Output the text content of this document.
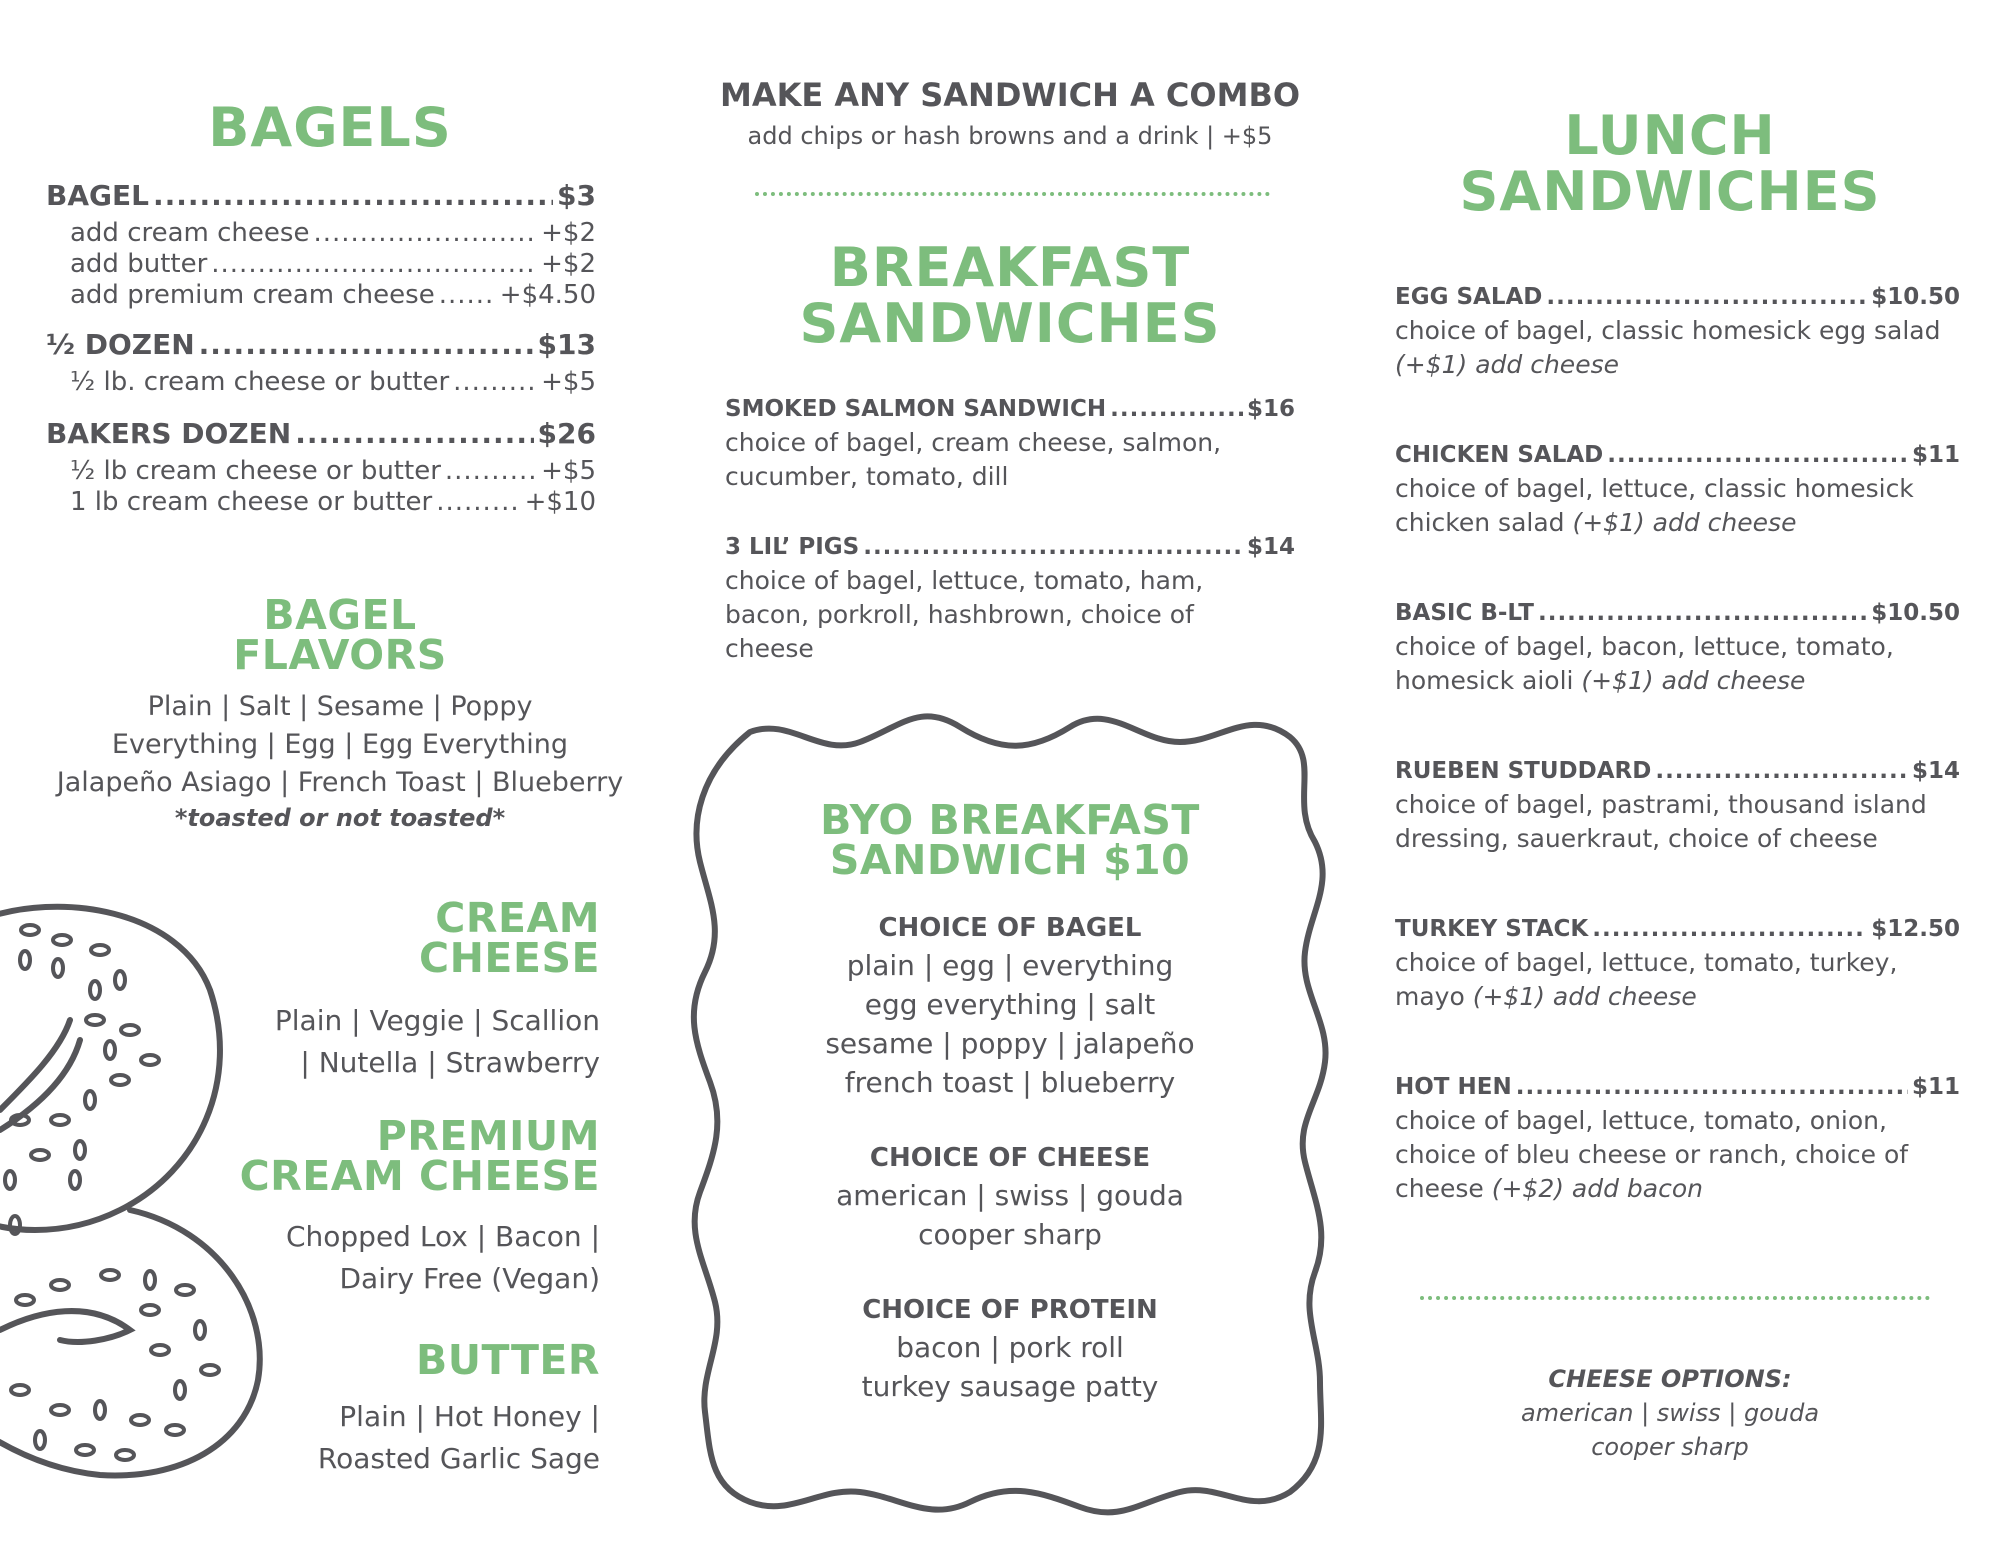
BAGELS
BAGEL .....	$3
add cream cheese .....	+$2
add butter .....	+$2
add premium cream cheese .....	+$4.50
½ DOZEN .....	$13
½ lb. cream cheese or butter .....	+$5
BAKERS DOZEN .....	$26
½ lb cream cheese or butter .....	+$5
1 lb cream cheese or butter .....	+$10
BAGEL
FLAVORS
Plain | Salt | Sesame | Poppy
Everything | Egg | Egg Everything
Jalapeño Asiago | French Toast | Blueberry
*toasted or not toasted*
CREAM
CHEESE
Plain | Veggie | Scallion
| Nutella | Strawberry
PREMIUM
CREAM CHEESE
Chopped Lox | Bacon |
Dairy Free (Vegan)
BUTTER
Plain | Hot Honey |
Roasted Garlic Sage
MAKE ANY SANDWICH A COMBO
add chips or hash browns and a drink | +$5
BREAKFAST
SANDWICHES
SMOKED SALMON SANDWICH .....	$16
choice of bagel, cream cheese, salmon,
cucumber, tomato, dill
3 LIL’ PIGS .....	$14
choice of bagel, lettuce, tomato, ham,
bacon, porkroll, hashbrown, choice of
cheese
BYO BREAKFAST
SANDWICH $10
CHOICE OF BAGEL
plain | egg | everything
egg everything | salt
sesame | poppy | jalapeño
french toast | blueberry
CHOICE OF CHEESE
american | swiss | gouda
cooper sharp
CHOICE OF PROTEIN
bacon | pork roll
turkey sausage patty
LUNCH
SANDWICHES
EGG SALAD .....	$10.50
choice of bagel, classic homesick egg salad
(+$1) add cheese
CHICKEN SALAD .....	$11
choice of bagel, lettuce, classic homesick
chicken salad (+$1) add cheese
BASIC B-LT .....	$10.50
choice of bagel, bacon, lettuce, tomato,
homesick aioli (+$1) add cheese
RUEBEN STUDDARD .....	$14
choice of bagel, pastrami, thousand island
dressing, sauerkraut, choice of cheese
TURKEY STACK .....	$12.50
choice of bagel, lettuce, tomato, turkey,
mayo (+$1) add cheese
HOT HEN .....	$11
choice of bagel, lettuce, tomato, onion,
choice of bleu cheese or ranch, choice of
cheese (+$2) add bacon
CHEESE OPTIONS:
american | swiss | gouda
cooper sharp
